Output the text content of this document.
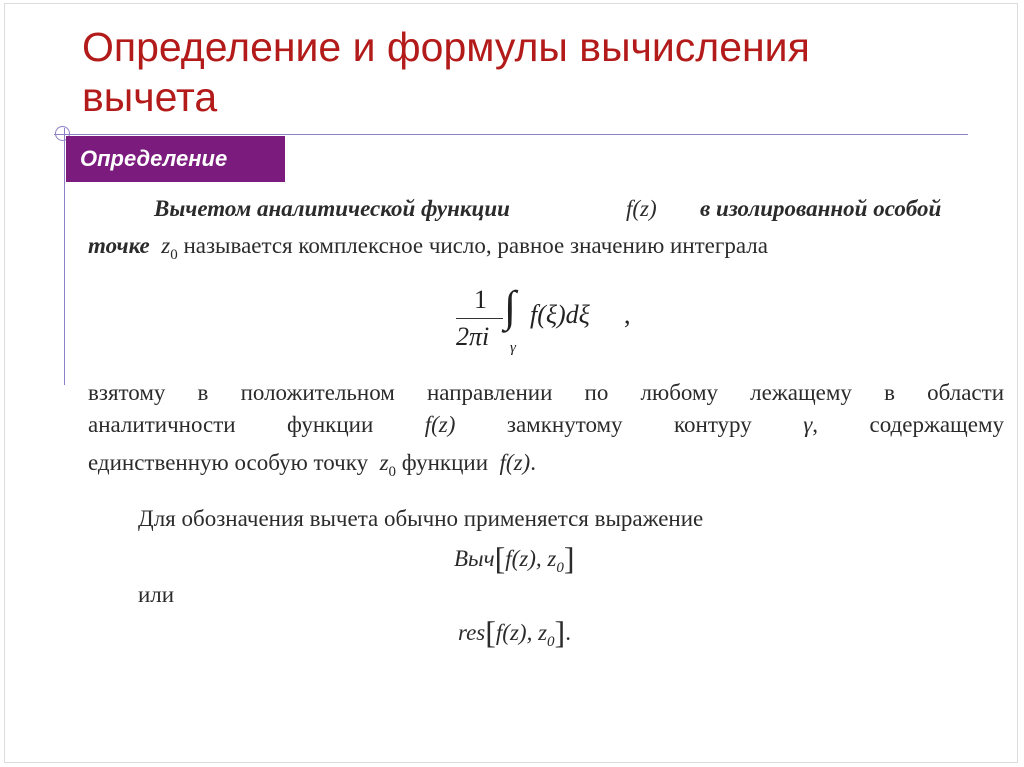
Определение и формулы вычисления
вычета
Определение
Вычетом аналитической функции	f(z) в изолированной особой
точке $z_0$ называется комплексное число, равное значению интеграла
1
2πi
∫
γ
f(ξ)dξ ,
взятому в положительном направлении по любому лежащему в области
аналитичности функции f(z) замкнутому контуру γ, содержащему
единственную особую точку $z_0$ функции f(z).
Для обозначения вычета обычно применяется выражение
Выч[f(z), $z_0$]
или
res[f(z), $z_0$].
